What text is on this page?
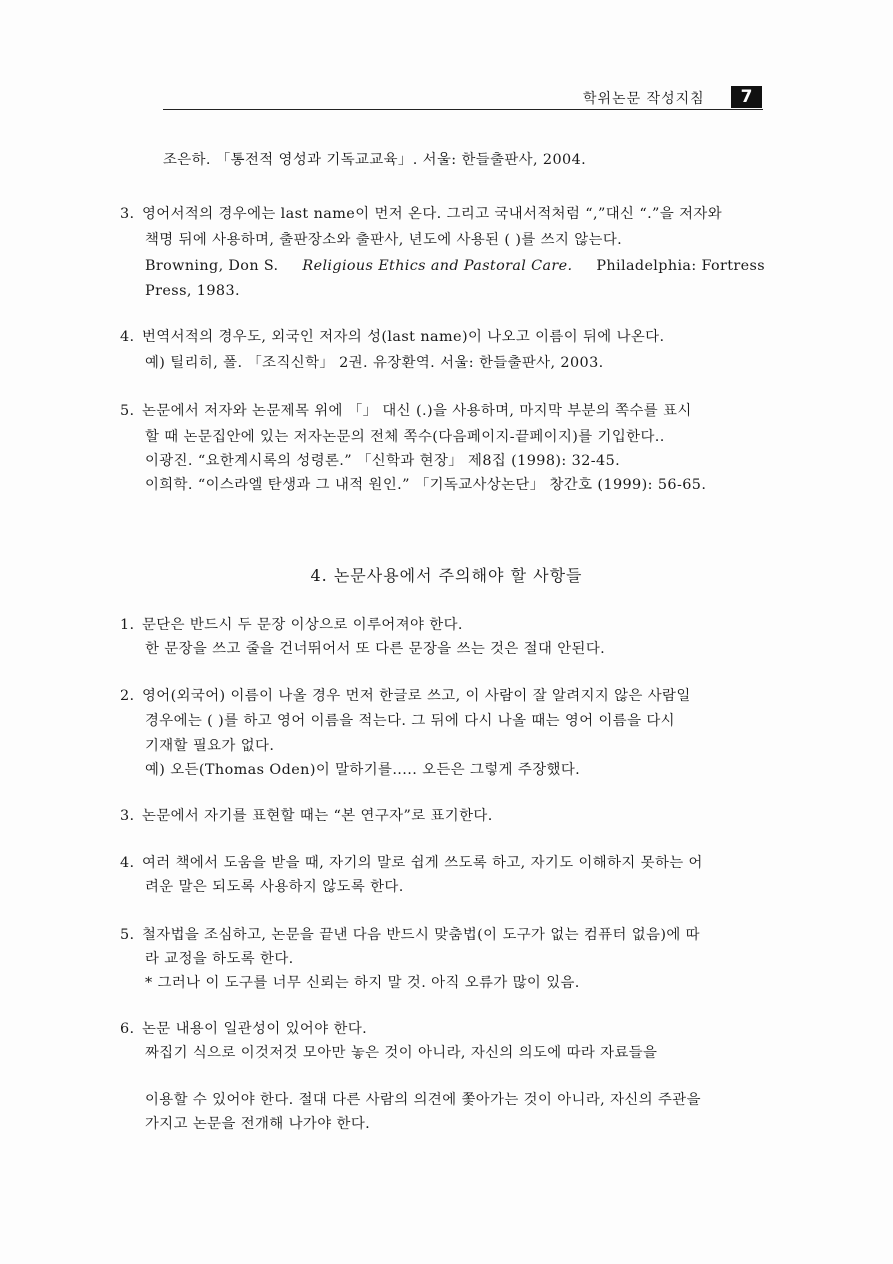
학위논문 작성지침	7
조은하. 「통전적 영성과 기독교교육」. 서울: 한들출판사, 2004.
3. 영어서적의 경우에는 last name이 먼저 온다. 그리고 국내서적처럼 “,”대신 “.”을 저자와
책명 뒤에 사용하며, 출판장소와 출판사, 년도에 사용된 ( )를 쓰지 않는다.
Browning, Don S. Religious Ethics and Pastoral Care. Philadelphia: Fortress
Press, 1983.
4. 번역서적의 경우도, 외국인 저자의 성(last name)이 나오고 이름이 뒤에 나온다.
예) 틸리히, 폴. 「조직신학」 2권. 유장환역. 서울: 한들출판사, 2003.
5. 논문에서 저자와 논문제목 위에 「」 대신 (.)을 사용하며, 마지막 부분의 쪽수를 표시
할 때 논문집안에 있는 저자논문의 전체 쪽수(다음페이지-끝페이지)를 기입한다..
이광진. “요한계시록의 성령론.” 「신학과 현장」 제8집 (1998): 32-45.
이희학. “이스라엘 탄생과 그 내적 원인.” 「기독교사상논단」 창간호 (1999): 56-65.
4. 논문사용에서 주의해야 할 사항들
1. 문단은 반드시 두 문장 이상으로 이루어져야 한다.
한 문장을 쓰고 줄을 건너뛰어서 또 다른 문장을 쓰는 것은 절대 안된다.
2. 영어(외국어) 이름이 나올 경우 먼저 한글로 쓰고, 이 사람이 잘 알려지지 않은 사람일
경우에는 ( )를 하고 영어 이름을 적는다. 그 뒤에 다시 나올 때는 영어 이름을 다시
기재할 필요가 없다.
예) 오든(Thomas Oden)이 말하기를..... 오든은 그렇게 주장했다.
3. 논문에서 자기를 표현할 때는 “본 연구자”로 표기한다.
4. 여러 책에서 도움을 받을 때, 자기의 말로 쉽게 쓰도록 하고, 자기도 이해하지 못하는 어
려운 말은 되도록 사용하지 않도록 한다.
5. 철자법을 조심하고, 논문을 끝낸 다음 반드시 맞춤법(이 도구가 없는 컴퓨터 없음)에 따
라 교정을 하도록 한다.
* 그러나 이 도구를 너무 신뢰는 하지 말 것. 아직 오류가 많이 있음.
6. 논문 내용이 일관성이 있어야 한다.
짜집기 식으로 이것저것 모아만 놓은 것이 아니라, 자신의 의도에 따라 자료들을
이용할 수 있어야 한다. 절대 다른 사람의 의견에 쫓아가는 것이 아니라, 자신의 주관을
가지고 논문을 전개해 나가야 한다.
